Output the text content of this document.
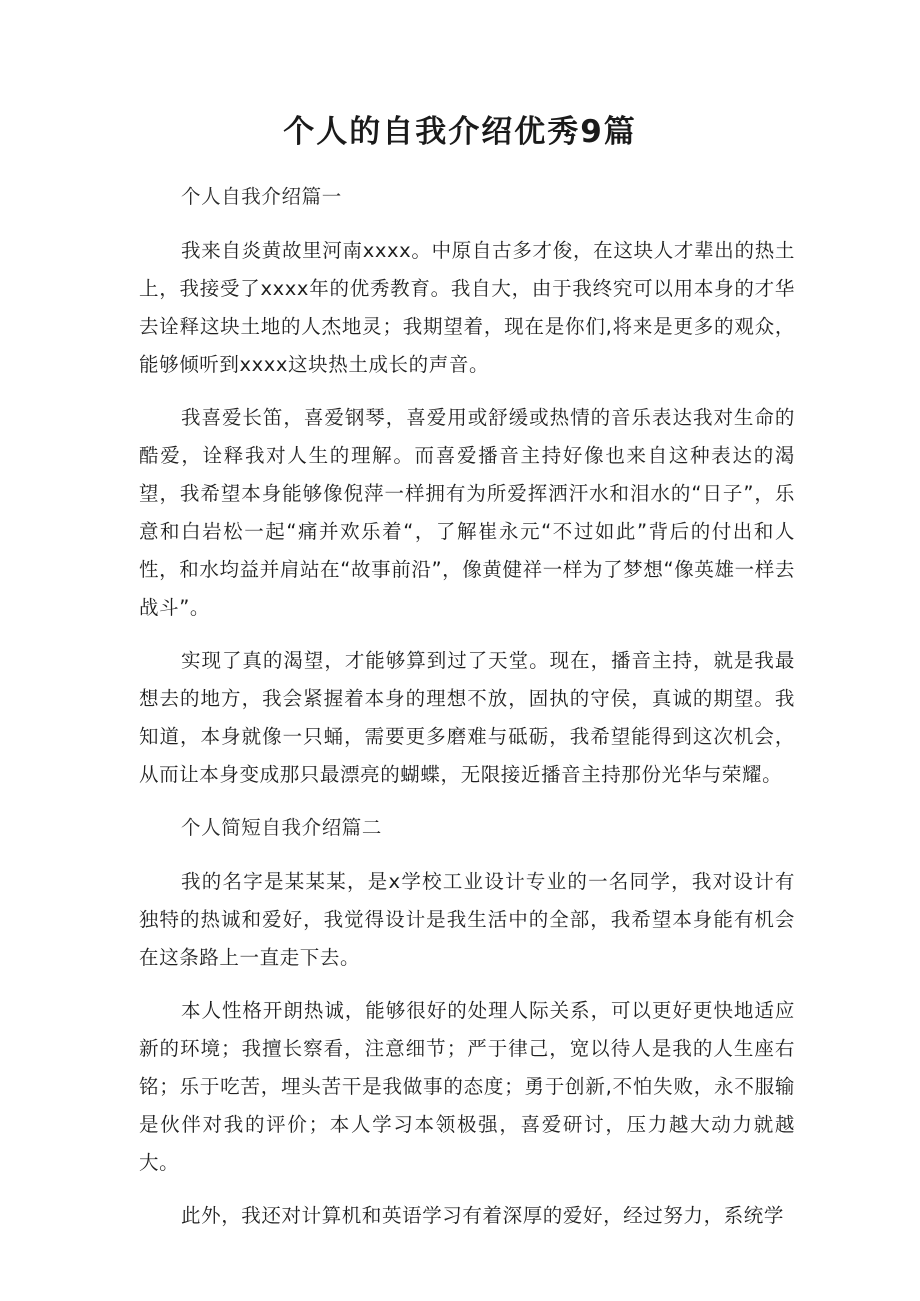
个人的自我介绍优秀9篇

个人自我介绍篇一

我来自炎黄故里河南xxxx。中原自古多才俊，在这块人才辈出的热土上，我接受了xxxx年的优秀教育。我自大，由于我终究可以用本身的才华去诠释这块土地的人杰地灵；我期望着，现在是你们,将来是更多的观众，能够倾听到xxxx这块热土成长的声音。

我喜爱长笛，喜爱钢琴，喜爱用或舒缓或热情的音乐表达我对生命的酷爱，诠释我对人生的理解。而喜爱播音主持好像也来自这种表达的渴望，我希望本身能够像倪萍一样拥有为所爱挥洒汗水和泪水的“日子”，乐意和白岩松一起“痛并欢乐着“，了解崔永元“不过如此”背后的付出和人性，和水均益并肩站在“故事前沿”，像黄健祥一样为了梦想“像英雄一样去战斗”。

实现了真的渴望，才能够算到过了天堂。现在，播音主持，就是我最想去的地方，我会紧握着本身的理想不放，固执的守侯，真诚的期望。我知道，本身就像一只蛹，需要更多磨难与砥砺，我希望能得到这次机会，从而让本身变成那只最漂亮的蝴蝶，无限接近播音主持那份光华与荣耀。

个人简短自我介绍篇二

我的名字是某某某，是x学校工业设计专业的一名同学，我对设计有独特的热诚和爱好，我觉得设计是我生活中的全部，我希望本身能有机会在这条路上一直走下去。

本人性格开朗热诚，能够很好的处理人际关系，可以更好更快地适应新的环境；我擅长察看，注意细节；严于律己，宽以待人是我的人生座右铭；乐于吃苦，埋头苦干是我做事的态度；勇于创新,不怕失败，永不服输是伙伴对我的评价；本人学习本领极强，喜爱研讨，压力越大动力就越大。

此外，我还对计算机和英语学习有着深厚的爱好，经过努力，系统学
